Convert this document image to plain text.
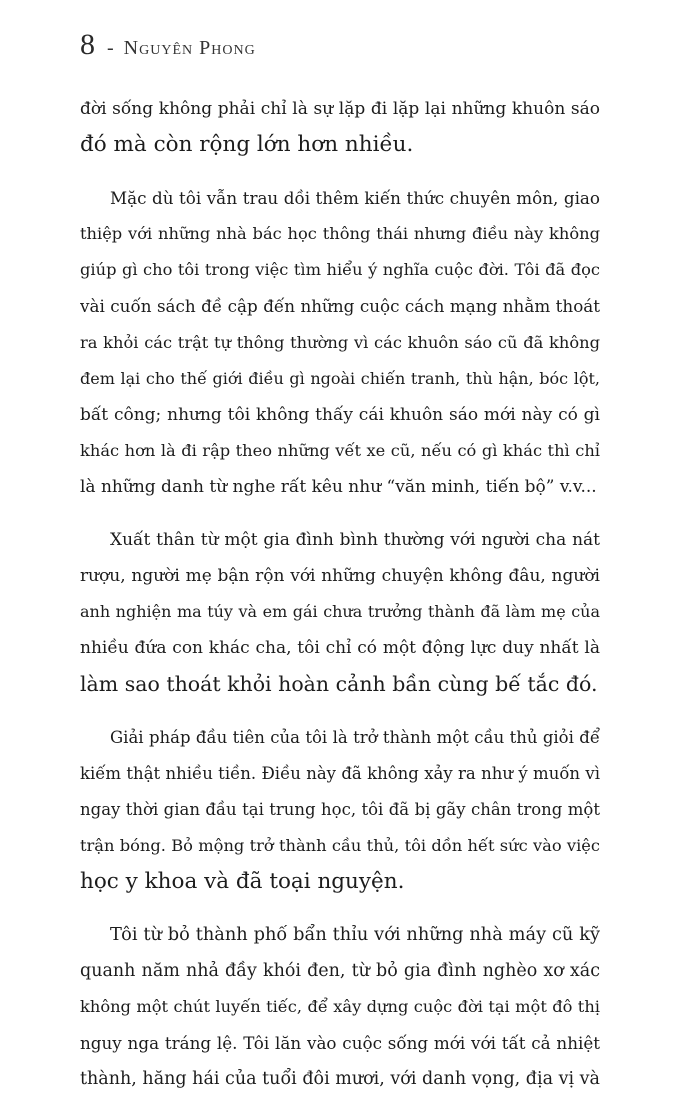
8 - Nguyên Phong
đời sống không phải chỉ là sự lặp đi lặp lại những khuôn sáo
đó mà còn rộng lớn hơn nhiều.
Mặc dù tôi vẫn trau dồi thêm kiến thức chuyên môn, giao
thiệp với những nhà bác học thông thái nhưng điều này không
giúp gì cho tôi trong việc tìm hiểu ý nghĩa cuộc đời. Tôi đã đọc
vài cuốn sách đề cập đến những cuộc cách mạng nhằm thoát
ra khỏi các trật tự thông thường vì các khuôn sáo cũ đã không
đem lại cho thế giới điều gì ngoài chiến tranh, thù hận, bóc lột,
bất công; nhưng tôi không thấy cái khuôn sáo mới này có gì
khác hơn là đi rập theo những vết xe cũ, nếu có gì khác thì chỉ
là những danh từ nghe rất kêu như “văn minh, tiến bộ” v.v...
Xuất thân từ một gia đình bình thường với người cha nát
rượu, người mẹ bận rộn với những chuyện không đâu, người
anh nghiện ma túy và em gái chưa trưởng thành đã làm mẹ của
nhiều đứa con khác cha, tôi chỉ có một động lực duy nhất là
làm sao thoát khỏi hoàn cảnh bần cùng bế tắc đó.
Giải pháp đầu tiên của tôi là trở thành một cầu thủ giỏi để
kiếm thật nhiều tiền. Điều này đã không xảy ra như ý muốn vì
ngay thời gian đầu tại trung học, tôi đã bị gãy chân trong một
trận bóng. Bỏ mộng trở thành cầu thủ, tôi dồn hết sức vào việc
học y khoa và đã toại nguyện.
Tôi từ bỏ thành phố bẩn thỉu với những nhà máy cũ kỹ
quanh năm nhả đầy khói đen, từ bỏ gia đình nghèo xơ xác
không một chút luyến tiếc, để xây dựng cuộc đời tại một đô thị
nguy nga tráng lệ. Tôi lăn vào cuộc sống mới với tất cả nhiệt
thành, hăng hái của tuổi đôi mươi, với danh vọng, địa vị và
